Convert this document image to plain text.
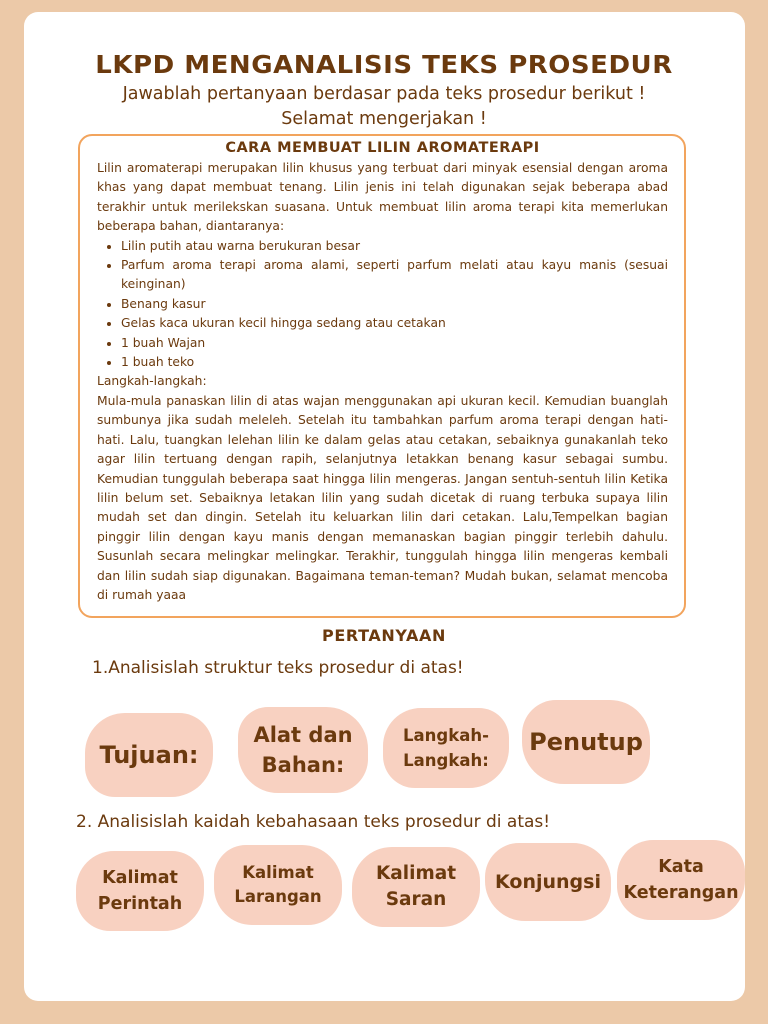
LKPD MENGANALISIS TEKS PROSEDUR
Jawablah pertanyaan berdasar pada teks prosedur berikut !
Selamat mengerjakan !
CARA MEMBUAT LILIN AROMATERAPI

Lilin aromaterapi merupakan lilin khusus yang terbuat dari minyak esensial dengan aroma khas yang dapat membuat tenang. Lilin jenis ini telah digunakan sejak beberapa abad terakhir untuk merilekskan suasana. Untuk membuat lilin aroma terapi kita memerlukan beberapa bahan, diantaranya:

• Lilin putih atau warna berukuran besar
• Parfum aroma terapi aroma alami, seperti parfum melati atau kayu manis (sesuai keinginan)
• Benang kasur
• Gelas kaca ukuran kecil hingga sedang atau cetakan
• 1 buah Wajan
• 1 buah teko

Langkah-langkah:

Mula-mula panaskan lilin di atas wajan menggunakan api ukuran kecil. Kemudian buanglah sumbunya jika sudah meleleh. Setelah itu tambahkan parfum aroma terapi dengan hati-hati. Lalu, tuangkan lelehan lilin ke dalam gelas atau cetakan, sebaiknya gunakanlah teko agar lilin tertuang dengan rapih, selanjutnya letakkan benang kasur sebagai sumbu. Kemudian tunggulah beberapa saat hingga lilin mengeras. Jangan sentuh-sentuh lilin Ketika lilin belum set. Sebaiknya letakan lilin yang sudah dicetak di ruang terbuka supaya lilin mudah set dan dingin. Setelah itu keluarkan lilin dari cetakan. Lalu,Tempelkan bagian pinggir lilin dengan kayu manis dengan memanaskan bagian pinggir terlebih dahulu. Susunlah secara melingkar melingkar. Terakhir, tunggulah hingga lilin mengeras kembali dan lilin sudah siap digunakan. Bagaimana teman-teman? Mudah bukan, selamat mencoba di rumah yaaa

PERTANYAAN
1.Analisislah struktur teks prosedur di atas!
Tujuan:
Alat dan Bahan:
Langkah-Langkah:
Penutup
2. Analisislah kaidah kebahasaan teks prosedur di atas!
Kalimat Perintah
Kalimat Larangan
Kalimat Saran
Konjungsi
Kata Keterangan
